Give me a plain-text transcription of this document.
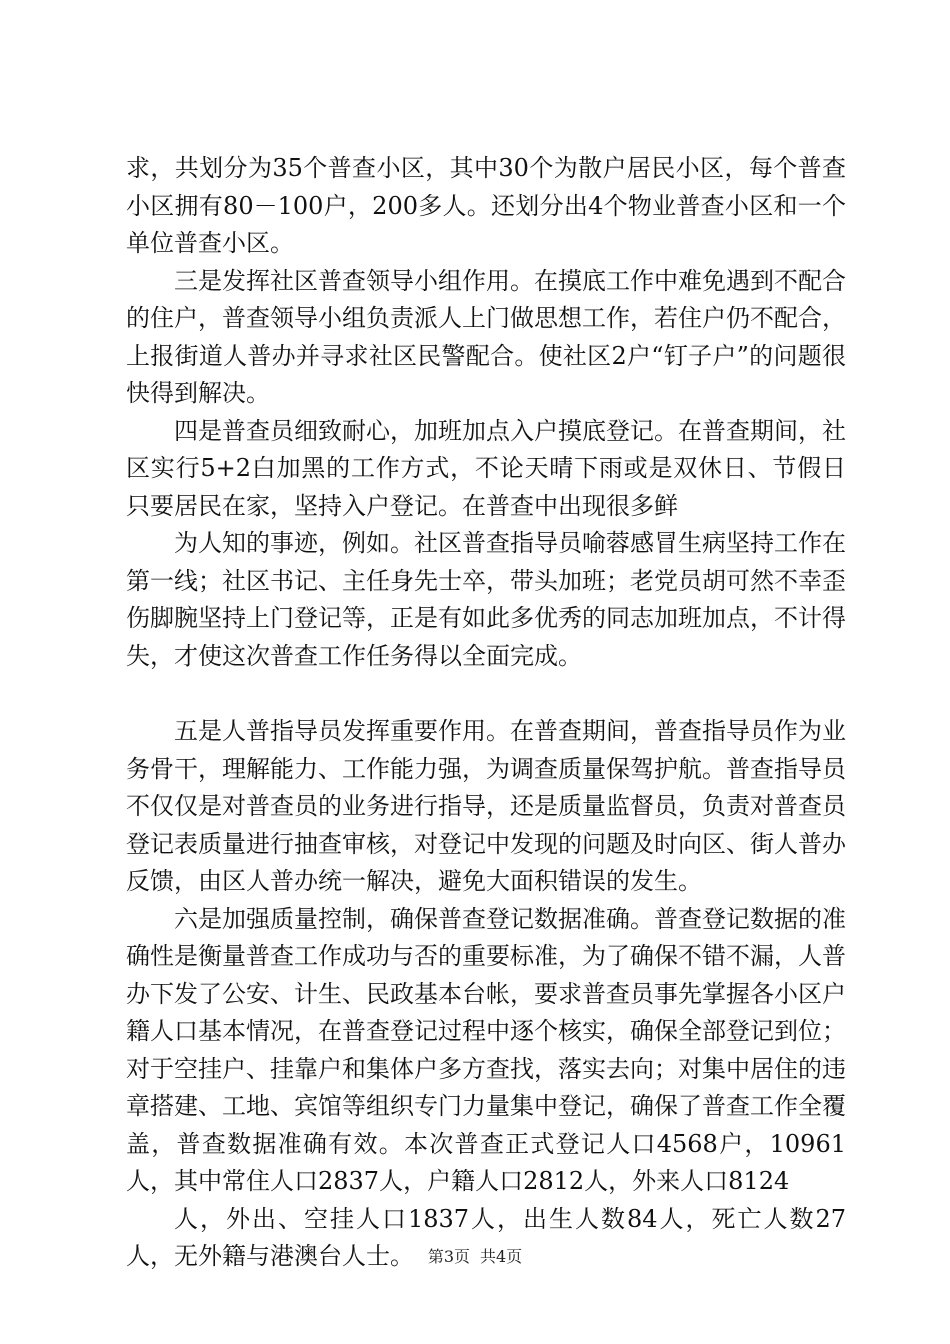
求，共划分为35个普查小区，其中30个为散户居民小区，每个普查小区拥有80－100户，200多人。还划分出4个物业普查小区和一个单位普查小区。

三是发挥社区普查领导小组作用。在摸底工作中难免遇到不配合的住户，普查领导小组负责派人上门做思想工作，若住户仍不配合，上报街道人普办并寻求社区民警配合。使社区2户“钉子户”的问题很快得到解决。

四是普查员细致耐心，加班加点入户摸底登记。在普查期间，社区实行5+2白加黑的工作方式，不论天晴下雨或是双休日、节假日只要居民在家，坚持入户登记。在普查中出现很多鲜

为人知的事迹，例如。社区普查指导员喻蓉感冒生病坚持工作在第一线；社区书记、主任身先士卒，带头加班；老党员胡可然不幸歪伤脚腕坚持上门登记等，正是有如此多优秀的同志加班加点，不计得失，才使这次普查工作任务得以全面完成。

五是人普指导员发挥重要作用。在普查期间，普查指导员作为业务骨干，理解能力、工作能力强，为调查质量保驾护航。普查指导员不仅仅是对普查员的业务进行指导，还是质量监督员，负责对普查员登记表质量进行抽查审核，对登记中发现的问题及时向区、街人普办反馈，由区人普办统一解决，避免大面积错误的发生。

六是加强质量控制，确保普查登记数据准确。普查登记数据的准确性是衡量普查工作成功与否的重要标准，为了确保不错不漏，人普办下发了公安、计生、民政基本台帐，要求普查员事先掌握各小区户籍人口基本情况，在普查登记过程中逐个核实，确保全部登记到位；对于空挂户、挂靠户和集体户多方查找，落实去向；对集中居住的违章搭建、工地、宾馆等组织专门力量集中登记，确保了普查工作全覆盖，普查数据准确有效。本次普查正式登记人口4568户，10961人，其中常住人口2837人，户籍人口2812人，外来人口8124

人，外出、空挂人口1837人，出生人数84人，死亡人数27人，无外籍与港澳台人士。 第3页 共4页
